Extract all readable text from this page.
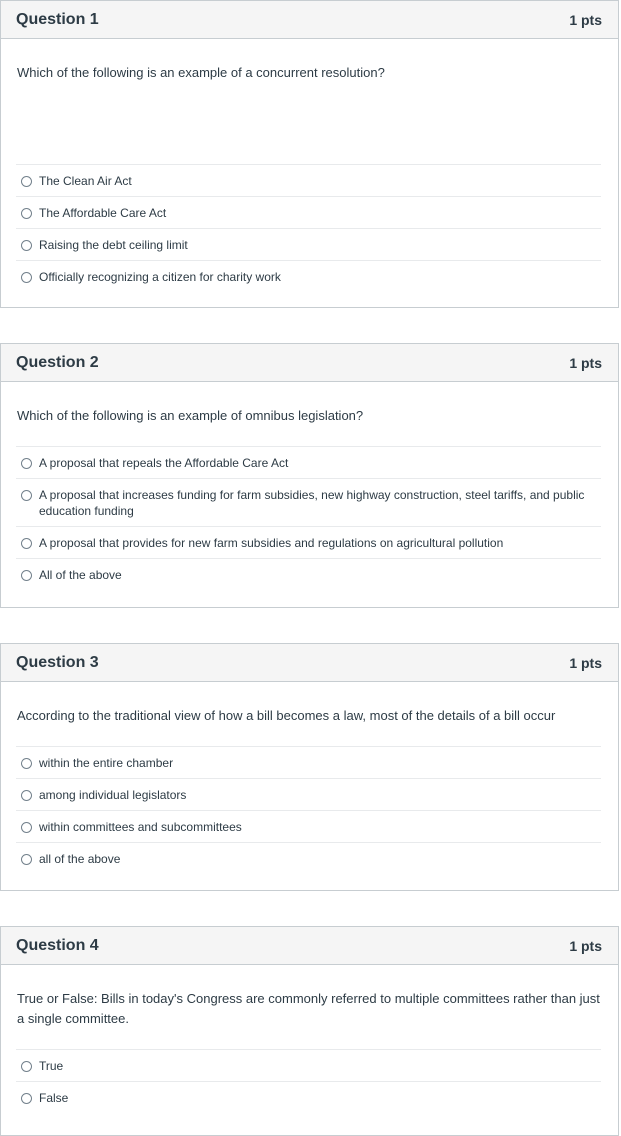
Question 1	1 pts
Which of the following is an example of a concurrent resolution?
The Clean Air Act
The Affordable Care Act
Raising the debt ceiling limit
Officially recognizing a citizen for charity work
Question 2	1 pts
Which of the following is an example of omnibus legislation?
A proposal that repeals the Affordable Care Act
A proposal that increases funding for farm subsidies, new highway construction, steel tariffs, and public education funding
A proposal that provides for new farm subsidies and regulations on agricultural pollution
All of the above
Question 3	1 pts
According to the traditional view of how a bill becomes a law, most of the details of a bill occur
within the entire chamber
among individual legislators
within committees and subcommittees
all of the above
Question 4	1 pts
True or False: Bills in today's Congress are commonly referred to multiple committees rather than just a single committee.
True
False
